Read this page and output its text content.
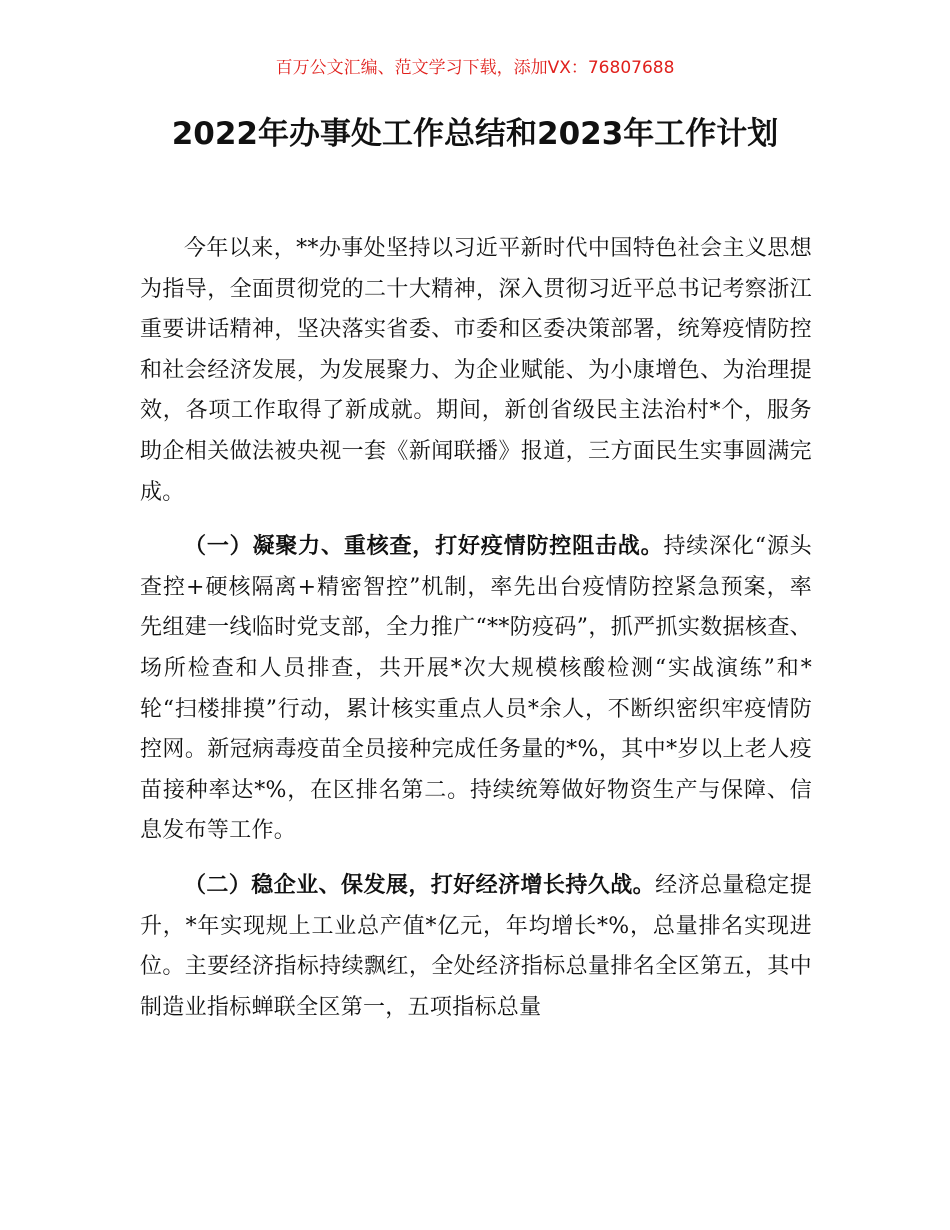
百万公文汇编、范文学习下载，添加VX：76807688
2022年办事处工作总结和2023年工作计划

今年以来，**办事处坚持以习近平新时代中国特色社会主义思想为指导，全面贯彻党的二十大精神，深入贯彻习近平总书记考察浙江重要讲话精神，坚决落实省委、市委和区委决策部署，统筹疫情防控和社会经济发展，为发展聚力、为企业赋能、为小康增色、为治理提效，各项工作取得了新成就。期间，新创省级民主法治村*个，服务助企相关做法被央视一套《新闻联播》报道，三方面民生实事圆满完成。

（一）凝聚力、重核查，打好疫情防控阻击战。持续深化“源头查控+硬核隔离+精密智控”机制，率先出台疫情防控紧急预案，率先组建一线临时党支部，全力推广“**防疫码”，抓严抓实数据核查、场所检查和人员排查，共开展*次大规模核酸检测“实战演练”和*轮“扫楼排摸”行动，累计核实重点人员*余人，不断织密织牢疫情防控网。新冠病毒疫苗全员接种完成任务量的*%，其中*岁以上老人疫苗接种率达*%，在区排名第二。持续统筹做好物资生产与保障、信息发布等工作。

（二）稳企业、保发展，打好经济增长持久战。经济总量稳定提升，*年实现规上工业总产值*亿元，年均增长*%，总量排名实现进位。主要经济指标持续飘红，全处经济指标总量排名全区第五，其中制造业指标蝉联全区第一，五项指标总量
